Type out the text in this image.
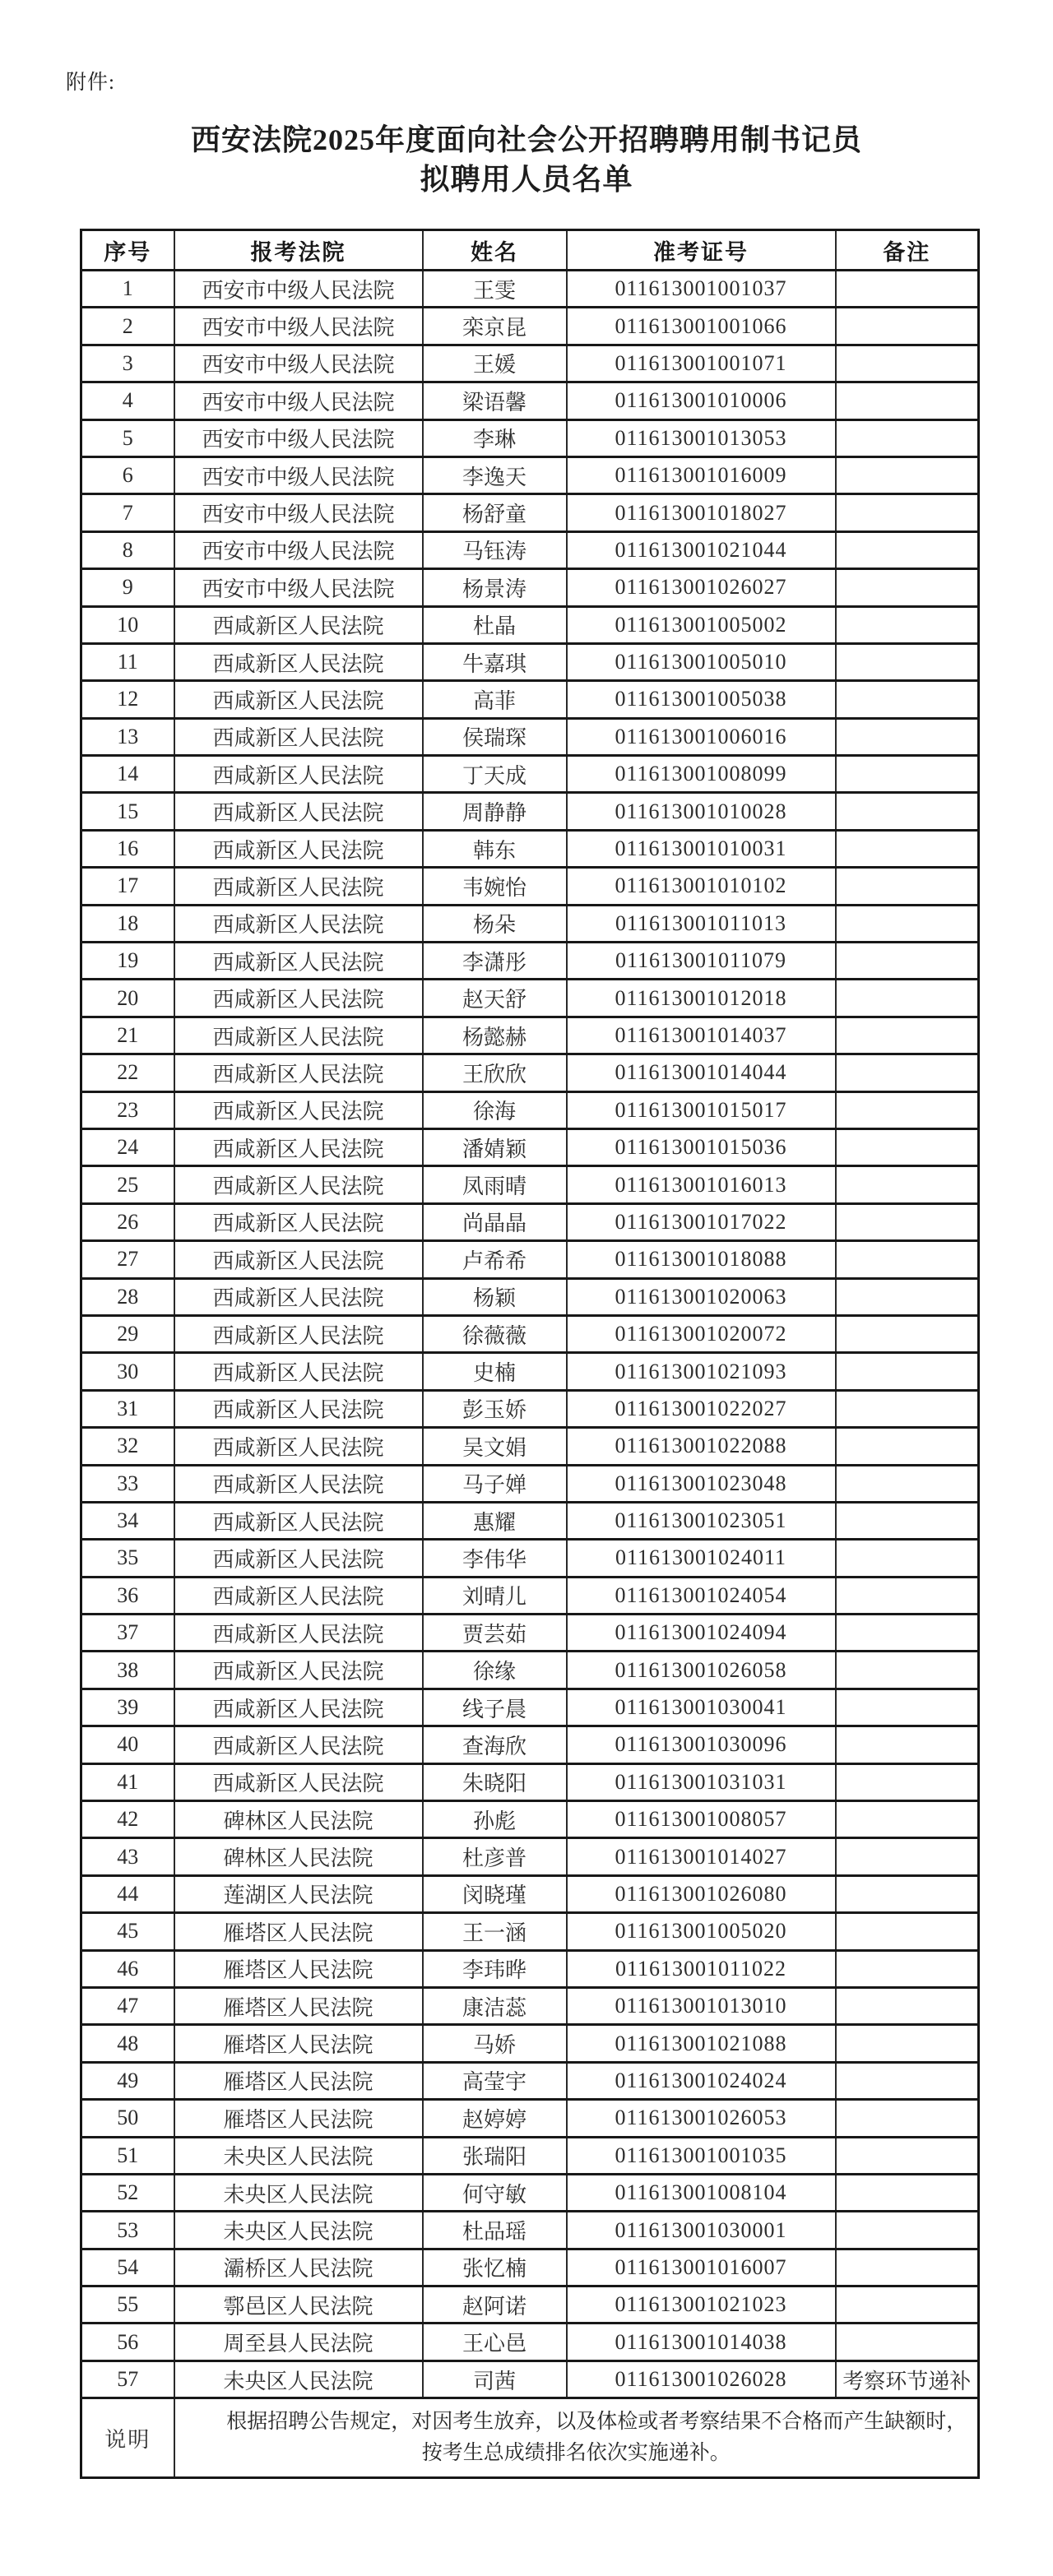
附件:
西安法院2025年度面向社会公开招聘聘用制书记员
拟聘用人员名单
序号	报考法院	姓名	准考证号	备注
1	西安市中级人民法院	王雯	011613001001037	
2	西安市中级人民法院	栾京昆	011613001001066	
3	西安市中级人民法院	王媛	011613001001071	
4	西安市中级人民法院	梁语馨	011613001010006	
5	西安市中级人民法院	李琳	011613001013053	
6	西安市中级人民法院	李逸天	011613001016009	
7	西安市中级人民法院	杨舒童	011613001018027	
8	西安市中级人民法院	马钰涛	011613001021044	
9	西安市中级人民法院	杨景涛	011613001026027	
10	西咸新区人民法院	杜晶	011613001005002	
11	西咸新区人民法院	牛嘉琪	011613001005010	
12	西咸新区人民法院	高菲	011613001005038	
13	西咸新区人民法院	侯瑞琛	011613001006016	
14	西咸新区人民法院	丁天成	011613001008099	
15	西咸新区人民法院	周静静	011613001010028	
16	西咸新区人民法院	韩东	011613001010031	
17	西咸新区人民法院	韦婉怡	011613001010102	
18	西咸新区人民法院	杨朵	011613001011013	
19	西咸新区人民法院	李潇彤	011613001011079	
20	西咸新区人民法院	赵天舒	011613001012018	
21	西咸新区人民法院	杨懿赫	011613001014037	
22	西咸新区人民法院	王欣欣	011613001014044	
23	西咸新区人民法院	徐海	011613001015017	
24	西咸新区人民法院	潘婧颖	011613001015036	
25	西咸新区人民法院	凤雨晴	011613001016013	
26	西咸新区人民法院	尚晶晶	011613001017022	
27	西咸新区人民法院	卢希希	011613001018088	
28	西咸新区人民法院	杨颖	011613001020063	
29	西咸新区人民法院	徐薇薇	011613001020072	
30	西咸新区人民法院	史楠	011613001021093	
31	西咸新区人民法院	彭玉娇	011613001022027	
32	西咸新区人民法院	吴文娟	011613001022088	
33	西咸新区人民法院	马子婵	011613001023048	
34	西咸新区人民法院	惠耀	011613001023051	
35	西咸新区人民法院	李伟华	011613001024011	
36	西咸新区人民法院	刘晴儿	011613001024054	
37	西咸新区人民法院	贾芸茹	011613001024094	
38	西咸新区人民法院	徐缘	011613001026058	
39	西咸新区人民法院	线子晨	011613001030041	
40	西咸新区人民法院	查海欣	011613001030096	
41	西咸新区人民法院	朱晓阳	011613001031031	
42	碑林区人民法院	孙彪	011613001008057	
43	碑林区人民法院	杜彦普	011613001014027	
44	莲湖区人民法院	闵晓瑾	011613001026080	
45	雁塔区人民法院	王一涵	011613001005020	
46	雁塔区人民法院	李玮晔	011613001011022	
47	雁塔区人民法院	康洁蕊	011613001013010	
48	雁塔区人民法院	马娇	011613001021088	
49	雁塔区人民法院	高莹宇	011613001024024	
50	雁塔区人民法院	赵婷婷	011613001026053	
51	未央区人民法院	张瑞阳	011613001001035	
52	未央区人民法院	何守敏	011613001008104	
53	未央区人民法院	杜品瑶	011613001030001	
54	灞桥区人民法院	张忆楠	011613001016007	
55	鄠邑区人民法院	赵阿诺	011613001021023	
56	周至县人民法院	王心邑	011613001014038	
57	未央区人民法院	司茜	011613001026028	考察环节递补
说明	根据招聘公告规定，对因考生放弃，以及体检或者考察结果不合格而产生缺额时，
按考生总成绩排名依次实施递补。			
